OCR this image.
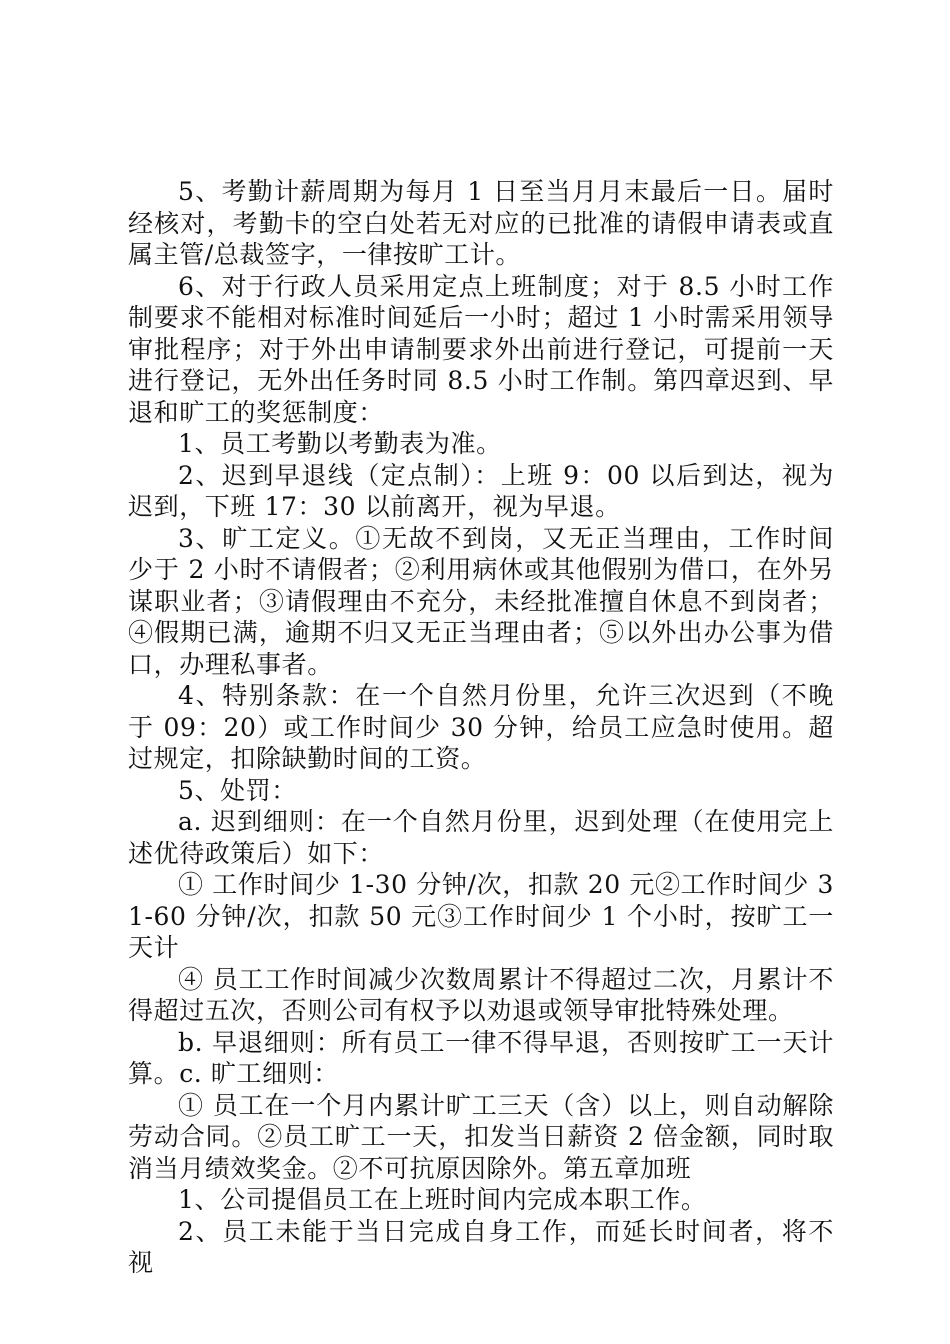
5、考勤计薪周期为每月 1 日至当月月末最后一日。届时经核对，考勤卡的空白处若无对应的已批准的请假申请表或直属主管/总裁签字，一律按旷工计。

6、对于行政人员采用定点上班制度；对于 8.5 小时工作制要求不能相对标准时间延后一小时；超过 1 小时需采用领导审批程序；对于外出申请制要求外出前进行登记，可提前一天进行登记，无外出任务时同 8.5 小时工作制。第四章迟到、早退和旷工的奖惩制度：

1、员工考勤以考勤表为准。

2、迟到早退线（定点制）：上班 9：00 以后到达，视为迟到，下班 17：30 以前离开，视为早退。

3、旷工定义。①无故不到岗，又无正当理由，工作时间少于 2 小时不请假者；②利用病休或其他假别为借口，在外另谋职业者；③请假理由不充分，未经批准擅自休息不到岗者；④假期已满，逾期不归又无正当理由者；⑤以外出办公事为借口，办理私事者。

4、特别条款：在一个自然月份里，允许三次迟到（不晚于 09：20）或工作时间少 30 分钟，给员工应急时使用。超过规定，扣除缺勤时间的工资。

5、处罚：

a. 迟到细则：在一个自然月份里，迟到处理（在使用完上述优待政策后）如下：

① 工作时间少 1-30 分钟/次，扣款 20 元②工作时间少 31-60 分钟/次，扣款 50 元③工作时间少 1 个小时，按旷工一天计

④ 员工工作时间减少次数周累计不得超过二次，月累计不得超过五次，否则公司有权予以劝退或领导审批特殊处理。

b. 早退细则：所有员工一律不得早退，否则按旷工一天计算。c. 旷工细则：

① 员工在一个月内累计旷工三天（含）以上，则自动解除劳动合同。②员工旷工一天，扣发当日薪资 2 倍金额，同时取消当月绩效奖金。②不可抗原因除外。第五章加班

1、公司提倡员工在上班时间内完成本职工作。

2、员工未能于当日完成自身工作，而延长时间者，将不视
